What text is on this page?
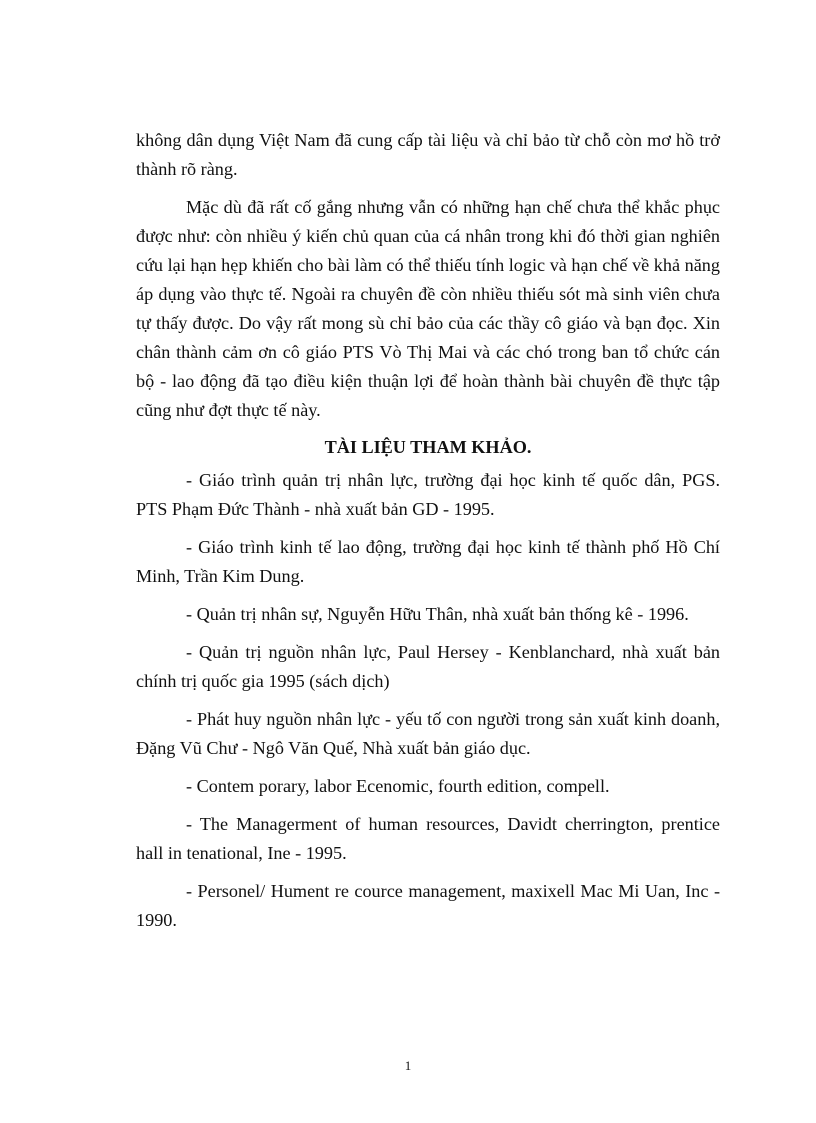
không dân dụng Việt Nam đã cung cấp tài liệu và chỉ bảo từ chỗ còn mơ hồ trở thành rõ ràng.

Mặc dù đã rất cố gắng nhưng vẫn có những hạn chế chưa thể khắc phục được như: còn nhiều ý kiến chủ quan của cá nhân trong khi đó thời gian nghiên cứu lại hạn hẹp khiến cho bài làm có thể thiếu tính logic và hạn chế về khả năng áp dụng vào thực tế. Ngoài ra chuyên đề còn nhiều thiếu sót mà sinh viên chưa tự thấy được. Do vậy rất mong sù chỉ bảo của các thầy cô giáo và bạn đọc. Xin chân thành cảm ơn cô giáo PTS Vò Thị Mai và các chó trong ban tổ chức cán bộ - lao động đã tạo điều kiện thuận lợi để hoàn thành bài chuyên đề thực tập cũng như đợt thực tế này.

TÀI LIỆU THAM KHẢO.

- Giáo trình quản trị nhân lực, trường đại học kinh tế quốc dân, PGS. PTS Phạm Đức Thành - nhà xuất bản GD - 1995.

- Giáo trình kinh tế lao động, trường đại học kinh tế thành phố Hồ Chí Minh, Trần Kim Dung.

- Quản trị nhân sự, Nguyễn Hữu Thân, nhà xuất bản thống kê - 1996.

- Quản trị nguồn nhân lực, Paul Hersey - Kenblanchard, nhà xuất bản chính trị quốc gia 1995 (sách dịch)

- Phát huy nguồn nhân lực - yếu tố con người trong sản xuất kinh doanh, Đặng Vũ Chư - Ngô Văn Quế, Nhà xuất bản giáo dục.

- Contem porary, labor Ecenomic, fourth edition, compell.

- The Managerment of human resources, Davidt cherrington, prentice hall in tenational, Ine - 1995.

- Personel/ Hument re cource management, maxixell Mac Mi Uan, Inc - 1990.

1
